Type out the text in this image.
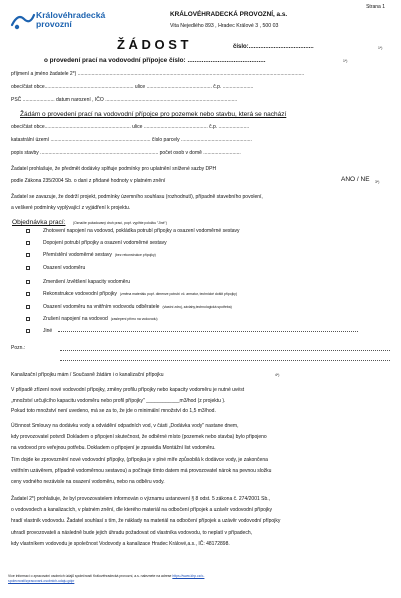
Strana 1
Královéhradecká
provozní
KRÁLOVÉHRADECKÁ PROVOZNÍ, a.s.
Vita Nejedlého 893 , Hradec Králové 3 , 500 03
Ž Á D O S T	číslo:.......................................	1*)
o provedení prací na vodovodní přípojce číslo: ............................................	1*)
příjmení a jméno žadatele 2*) ...................................................................................................................................................................
obec/část obce................................................................ ulice ............................................... č.p. ......................
PSČ ....................... datum narození , IČO ...............................................................................................
Žádám o provedení prací na vodovodní přípojce pro pozemek nebo stavbu, která se nachází
obec/část obce.............................................................. ulice .............................................. č.p. ......................
katastrální území ........................................................................ číslo parcely ...................................................
popis stavby ..................................................................................... počet osob v domě ...........................
Žadatel prohlašuje, že předmět dodávky splňuje podmínky pro uplatnění snížené sazby DPH
podle Zákona 235/2004 Sb. o dani z přidané hodnoty v platném znění	ANO / NE 3*)
Žadatel se zavazuje, že dodrží projekt, podmínky územního souhlasu (rozhodnutí), případně stavebního povolení,
a veškeré podmínky vyplývající z vyjádření k projektu.
Objednávka prací: (Označte požadovaný druh prací, popř. vyplňte položku "Jiné")
Zhotovení napojení na vodovod, pokládka potrubí přípojky a osazení vodoměrné sestavy
Dopojení potrubí přípojky a osazení vodoměrné sestavy
Přemístění vodoměrné sestavy (bez rekonstrukce přípojky)
Osazení vodoměru
Zmenšení /zvětšení kapacity vodoměru
Rekonstrukce vodovodní přípojky (změna materiálu popř. dimenze potrubí vč. armatur, technické doštit přípojky)
Osazení vodoměru na vnitřním vodovodu odběratele (vlastní zdroj, závlahy,technologická spotřeba)
Zrušení napojení na vodovod (zaslepení přímo na vodovodu)
Jiné
Pozn.:
Kanalizační přípojku mám / Současně žádám i o kanalizační přípojku	4*)
V případě zřízení nové vodovodní přípojky, změny profilu přípojky nebo kapacity vodoměru je nutné uvést
„množství určujícího kapacitu vodoměru nebo profil přípojky" ____________m3/hod (z projektu ).
Pokud toto množství není uvedeno, má se za to, že jde o minimální množství do 1,5 m3/hod.
Účinnost Smlouvy na dodávku vody a odvádění odpadních vod, v části „Dodávka vody" nastane dnem,
kdy provozovatel potvrdí Dokladem o připojení skutečnost, že odběrné místo (pozemek nebo stavba) bylo připojeno
na vodovod pro veřejnou potřebu. Dokladem o připojení je zpravidla Montážní list vodoměru.
Tím dojde ke zprovoznění nové vodovodní přípojky, (přípojka je v plné míře způsobilá k dodávce vody, je zakončena
vnitřním uzávěrem, případně vodoměrnou sestavou) a počínaje tímto datem má provozovatel nárok na pevnou složku
ceny vodného nezávisle na osazení vodoměru, nebo na odběru vody.
Žadatel 2*) prohlašuje, že byl provozovatelem informován o významu ustanovení § 8 odst. 5 zákona č. 274/2001 Sb.,
o vodovodech a kanalizacích, v platném znění, dle kterého materiál na odbočení přípojek a uzávěr vodovodní přípojky
hradí vlastník vodovodu. Žadatel souhlasí s tím, že náklady na materiál na odbočení přípojek a uzávěr vodovodní přípojky
uhradí provozovateli a následně bude jejich úhradu požadovat od vlastníka vodovodu, to neplatí v případech,
kdy vlastníkem vodovodu je společnost Vodovody a kanalizace Hradec Králové,a.s., IČ: 48172898.
Více informací o zpracování osobních údajů společností Královéhradecká provozní, a.s. naleznete na adrese https://www.khp.cz/o-
spolecnosti/zpracovani-osobnich-udaju-gdpr
